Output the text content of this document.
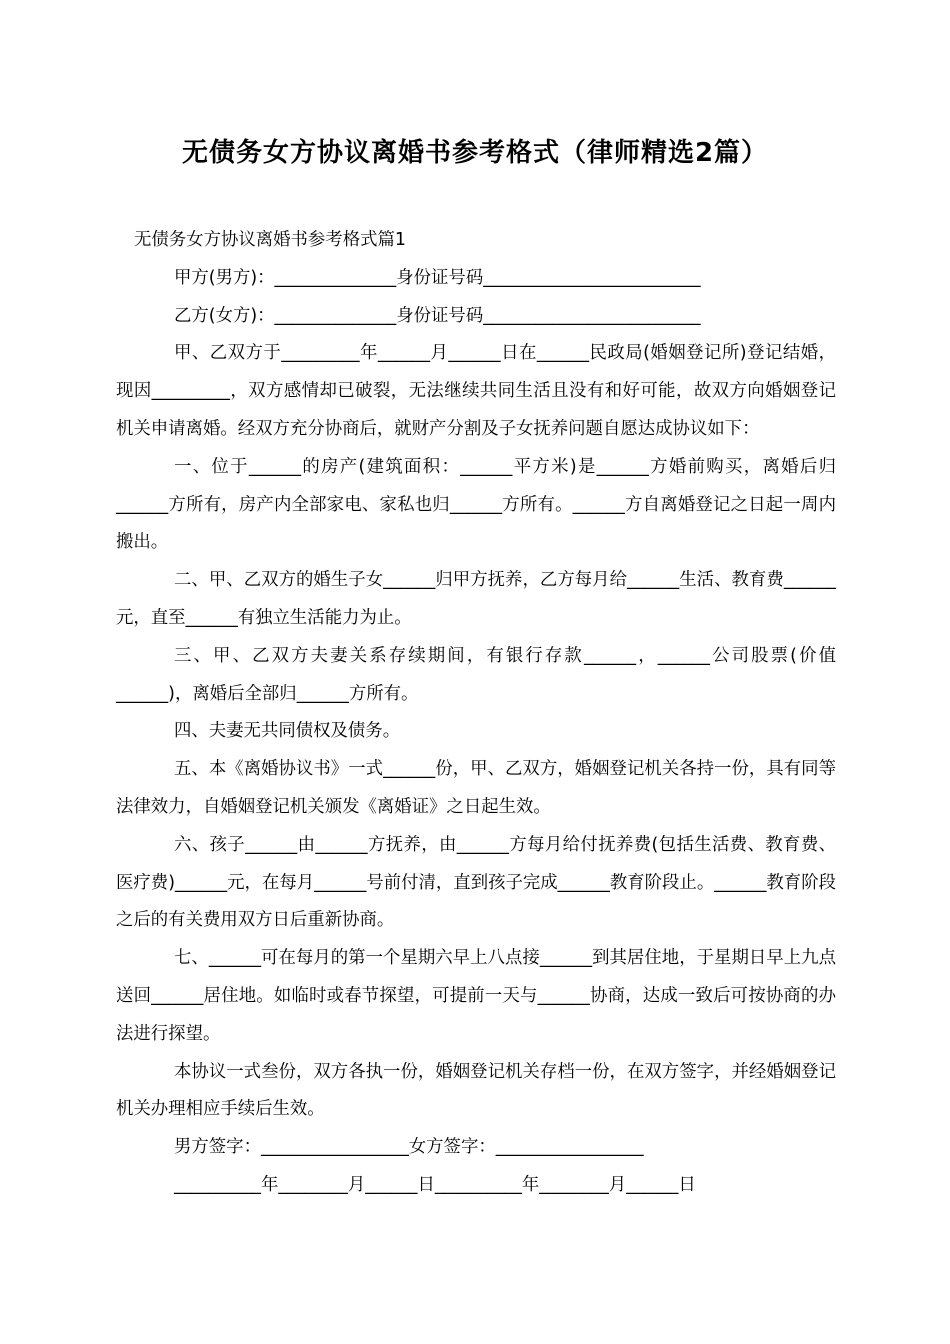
无债务女方协议离婚书参考格式（律师精选2篇）

无债务女方协议离婚书参考格式篇1

甲方(男方)：______________身份证号码_________________________

乙方(女方)：______________身份证号码_________________________

甲、乙双方于_________年______月______日在______民政局(婚姻登记所)登记结婚，现因_________，双方感情却已破裂，无法继续共同生活且没有和好可能，故双方向婚姻登记机关申请离婚。经双方充分协商后，就财产分割及子女抚养问题自愿达成协议如下：

一、位于______的房产(建筑面积：______平方米)是______方婚前购买，离婚后归______方所有，房产内全部家电、家私也归______方所有。______方自离婚登记之日起一周内搬出。

二、甲、乙双方的婚生子女______归甲方抚养，乙方每月给______生活、教育费______元，直至______有独立生活能力为止。

三、甲、乙双方夫妻关系存续期间，有银行存款______，______公司股票(价值______)，离婚后全部归______方所有。

四、夫妻无共同债权及债务。

五、本《离婚协议书》一式______份，甲、乙双方，婚姻登记机关各持一份，具有同等法律效力，自婚姻登记机关颁发《离婚证》之日起生效。

六、孩子______由______方抚养，由______方每月给付抚养费(包括生活费、教育费、医疗费)______元，在每月______号前付清，直到孩子完成______教育阶段止。______教育阶段之后的有关费用双方日后重新协商。

七、______可在每月的第一个星期六早上八点接______到其居住地，于星期日早上九点送回______居住地。如临时或春节探望，可提前一天与______协商，达成一致后可按协商的办法进行探望。

本协议一式叁份，双方各执一份，婚姻登记机关存档一份，在双方签字，并经婚姻登记机关办理相应手续后生效。

男方签字：_________________女方签字：_________________

__________年________月______日__________年________月______日
